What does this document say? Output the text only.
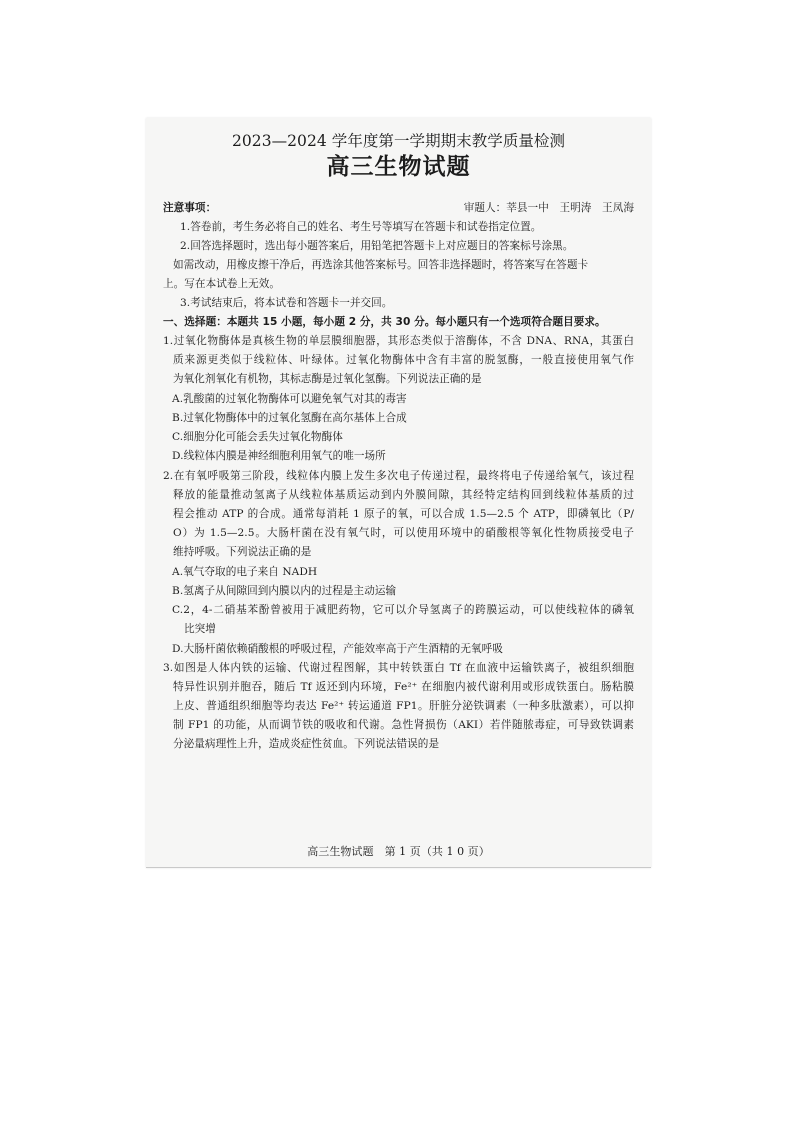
2023—2024 学年度第一学期期末教学质量检测
高三生物试题
注意事项：	审题人：莘县一中　王明涛　王凤海
1.答卷前，考生务必将自己的姓名、考生号等填写在答题卡和试卷指定位置。
2.回答选择题时，选出每小题答案后，用铅笔把答题卡上对应题目的答案标号涂黑。
如需改动，用橡皮擦干净后，再选涂其他答案标号。回答非选择题时，将答案写在答题卡
上。写在本试卷上无效。
3.考试结束后，将本试卷和答题卡一并交回。
一、选择题：本题共 15 小题，每小题 2 分，共 30 分。每小题只有一个选项符合题目要求。
1.过氧化物酶体是真核生物的单层膜细胞器，其形态类似于溶酶体，不含 DNA、RNA，其蛋白
质来源更类似于线粒体、叶绿体。过氧化物酶体中含有丰富的脱氢酶，一般直接使用氧气作
为氧化剂氧化有机物，其标志酶是过氧化氢酶。下列说法正确的是
A.乳酸菌的过氧化物酶体可以避免氧气对其的毒害
B.过氧化物酶体中的过氧化氢酶在高尔基体上合成
C.细胞分化可能会丢失过氧化物酶体
D.线粒体内膜是神经细胞利用氧气的唯一场所
2.在有氧呼吸第三阶段，线粒体内膜上发生多次电子传递过程，最终将电子传递给氧气，该过程
释放的能量推动氢离子从线粒体基质运动到内外膜间隙，其经特定结构回到线粒体基质的过
程会推动 ATP 的合成。通常每消耗 1 原子的氧，可以合成 1.5—2.5 个 ATP，即磷氧比（P/
O）为 1.5—2.5。大肠杆菌在没有氧气时，可以使用环境中的硝酸根等氧化性物质接受电子
维持呼吸。下列说法正确的是
A.氧气夺取的电子来自 NADH
B.氢离子从间隙回到内膜以内的过程是主动运输
C.2，4-二硝基苯酚曾被用于减肥药物，它可以介导氢离子的跨膜运动，可以使线粒体的磷氧
比突增
D.大肠杆菌依赖硝酸根的呼吸过程，产能效率高于产生酒精的无氧呼吸
3.如图是人体内铁的运输、代谢过程图解，其中转铁蛋白 Tf 在血液中运输铁离子，被组织细胞
特异性识别并胞吞，随后 Tf 返还到内环境，Fe²⁺ 在细胞内被代谢利用或形成铁蛋白。肠粘膜
上皮、普通组织细胞等均表达 Fe²⁺ 转运通道 FP1。肝脏分泌铁调素（一种多肽激素），可以抑
制 FP1 的功能，从而调节铁的吸收和代谢。急性肾损伤（AKI）若伴随脓毒症，可导致铁调素
分泌量病理性上升，造成炎症性贫血。下列说法错误的是
高三生物试题　第 1 页（共 1 0 页）
